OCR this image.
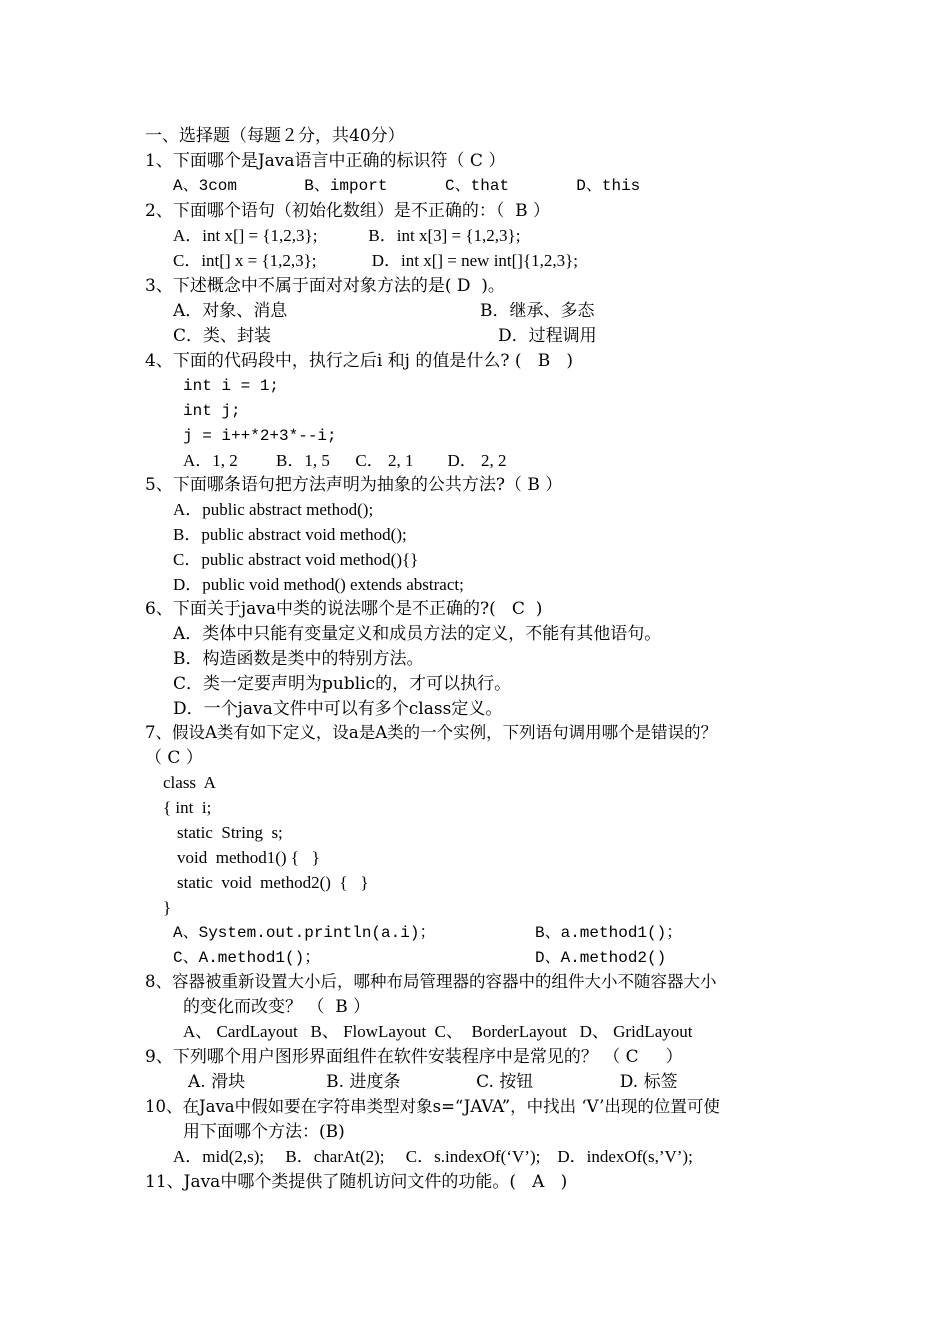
一、选择题（每题２分，共40分）
1、下面哪个是Java语言中正确的标识符（ C ）
A、3com       B、import      C、that       D、this
2、下面哪个语句（初始化数组）是不正确的：（  B ）
A．int x[] = {1,2,3};            B．int x[3] = {1,2,3};
C．int[] x = {1,2,3};             D．int x[] = new int[]{1,2,3};
3、下述概念中不属于面对对象方法的是( D  )。
A．对象、消息	B．继承、多态
C．类、封装	D．过程调用
4、下面的代码段中，执行之后i 和j 的值是什么? (   B   )
int i = 1;
int j;
j = i++*2+3*--i;
A．1, 2         B．1, 5      C． 2, 1        D． 2, 2
5、下面哪条语句把方法声明为抽象的公共方法?（ B ）
A．public abstract method();
B．public abstract void method();
C．public abstract void method(){}
D．public void method() extends abstract;
6、下面关于java中类的说法哪个是不正确的?(   C  )
A．类体中只能有变量定义和成员方法的定义，不能有其他语句。
B．构造函数是类中的特别方法。
C．类一定要声明为public的，才可以执行。
D．一个java文件中可以有多个class定义。
7、假设A类有如下定义，设a是A类的一个实例，下列语句调用哪个是错误的？
（ C ）
class  A
{ int  i;
static  String  s;
void  method1() {   }
static  void  method2()  {   }
}
A、System.out.println(a.i)；	B、a.method1()；
C、A.method1()；	D、A.method2()
8、容器被重新设置大小后，哪种布局管理器的容器中的组件大小不随容器大小
的变化而改变？ （  B ）
A、 CardLayout   B、 FlowLayout  C、  BorderLayout   D、 GridLayout
9、下列哪个用户图形界面组件在软件安装程序中是常见的？ （ C     ）
A. 滑块               B. 进度条              C. 按钮                D. 标签
10、在Java中假如要在字符串类型对象s=“JAVA”，中找出 ‘V’出现的位置可使
用下面哪个方法：(B)
A．mid(2,s);     B．charAt(2);     C．s.indexOf(‘V’);    D．indexOf(s,’V’);
11、Java中哪个类提供了随机访问文件的功能。(   A   )
